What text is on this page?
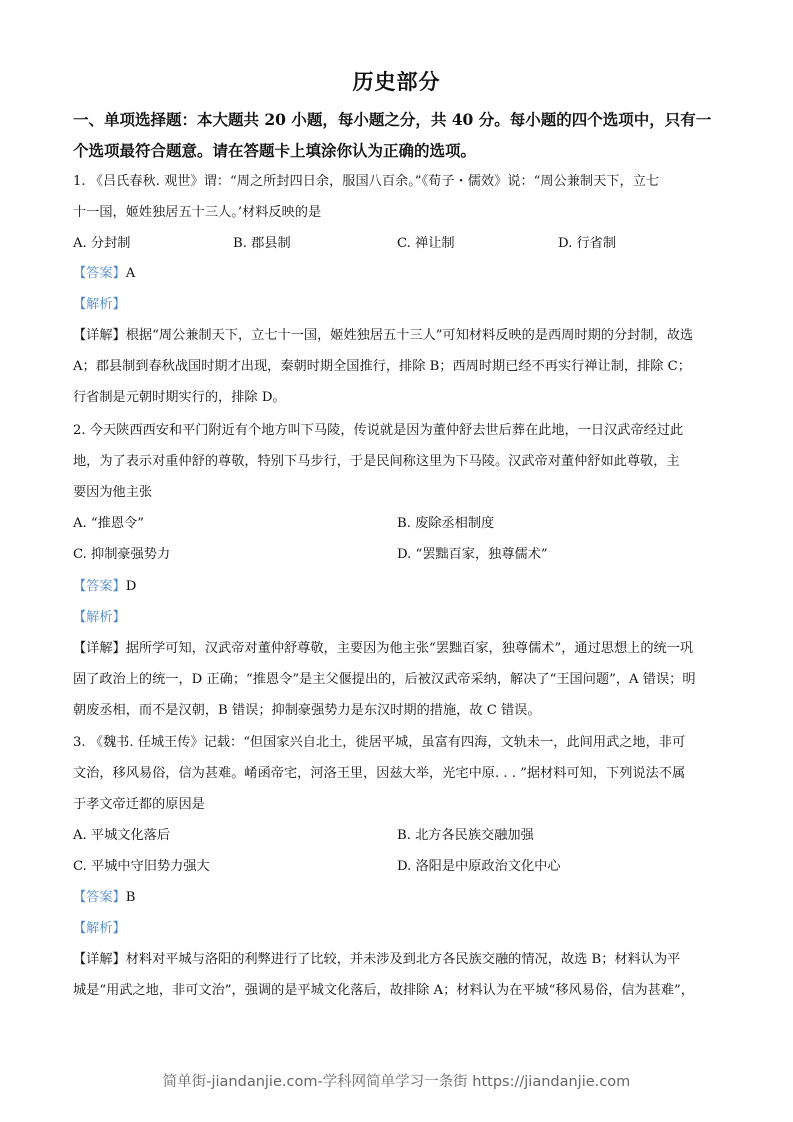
历史部分
一、单项选择题：本大题共 20 小题，每小题之分，共 40 分。每小题的四个选项中，只有一
个选项最符合题意。请在答题卡上填涂你认为正确的选项。
1. 《吕氏春秋. 观世》谓：“周之所封四日余，服国八百余。”《荀子・儒效》说：“周公兼制天下，立七
十一国，姬姓独居五十三人。’材料反映的是
A. 分封制	B. 郡县制	C. 禅让制	D. 行省制
【答案】A
【解析】
【详解】根据“周公兼制天下，立七十一国，姬姓独居五十三人”可知材料反映的是西周时期的分封制，故选
A；郡县制到春秋战国时期才出现，秦朝时期全国推行，排除 B；西周时期已经不再实行禅让制，排除 C；
行省制是元朝时期实行的，排除 D。
2. 今天陕西西安和平门附近有个地方叫下马陵，传说就是因为董仲舒去世后葬在此地，一日汉武帝经过此
地，为了表示对重仲舒的尊敬，特别下马步行，于是民间称这里为下马陵。汉武帝对董仲舒如此尊敬，主
要因为他主张
A. “推恩令”	B. 废除丞相制度
C. 抑制豪强势力	D. “罢黜百家，独尊儒术”
【答案】D
【解析】
【详解】据所学可知，汉武帝对董仲舒尊敬，主要因为他主张“罢黜百家，独尊儒术”，通过思想上的统一巩
固了政治上的统一，D 正确；“推恩令”是主父偃提出的，后被汉武帝采纳，解决了“王国问题”，A 错误；明
朝废丞相，而不是汉朝，B 错误；抑制豪强势力是东汉时期的措施，故 C 错误。
3. 《魏书. 任城王传》记载：“但国家兴自北土，徙居平城，虽富有四海，文轨未一，此间用武之地，非可
文治，移风易俗，信为甚难。崤函帝宅，河洛王里，因兹大举，光宅中原. . . ”据材料可知，下列说法不属
于孝文帝迁都的原因是
A. 平城文化落后	B. 北方各民族交融加强
C. 平城中守旧势力强大	D. 洛阳是中原政治文化中心
【答案】B
【解析】
【详解】材料对平城与洛阳的利弊进行了比较，并未涉及到北方各民族交融的情况，故选 B；材料认为平
城是“用武之地，非可文治”，强调的是平城文化落后，故排除 A；材料认为在平城“移风易俗，信为甚难”，
简单街-jiandanjie.com-学科网简单学习一条街 https://jiandanjie.com
